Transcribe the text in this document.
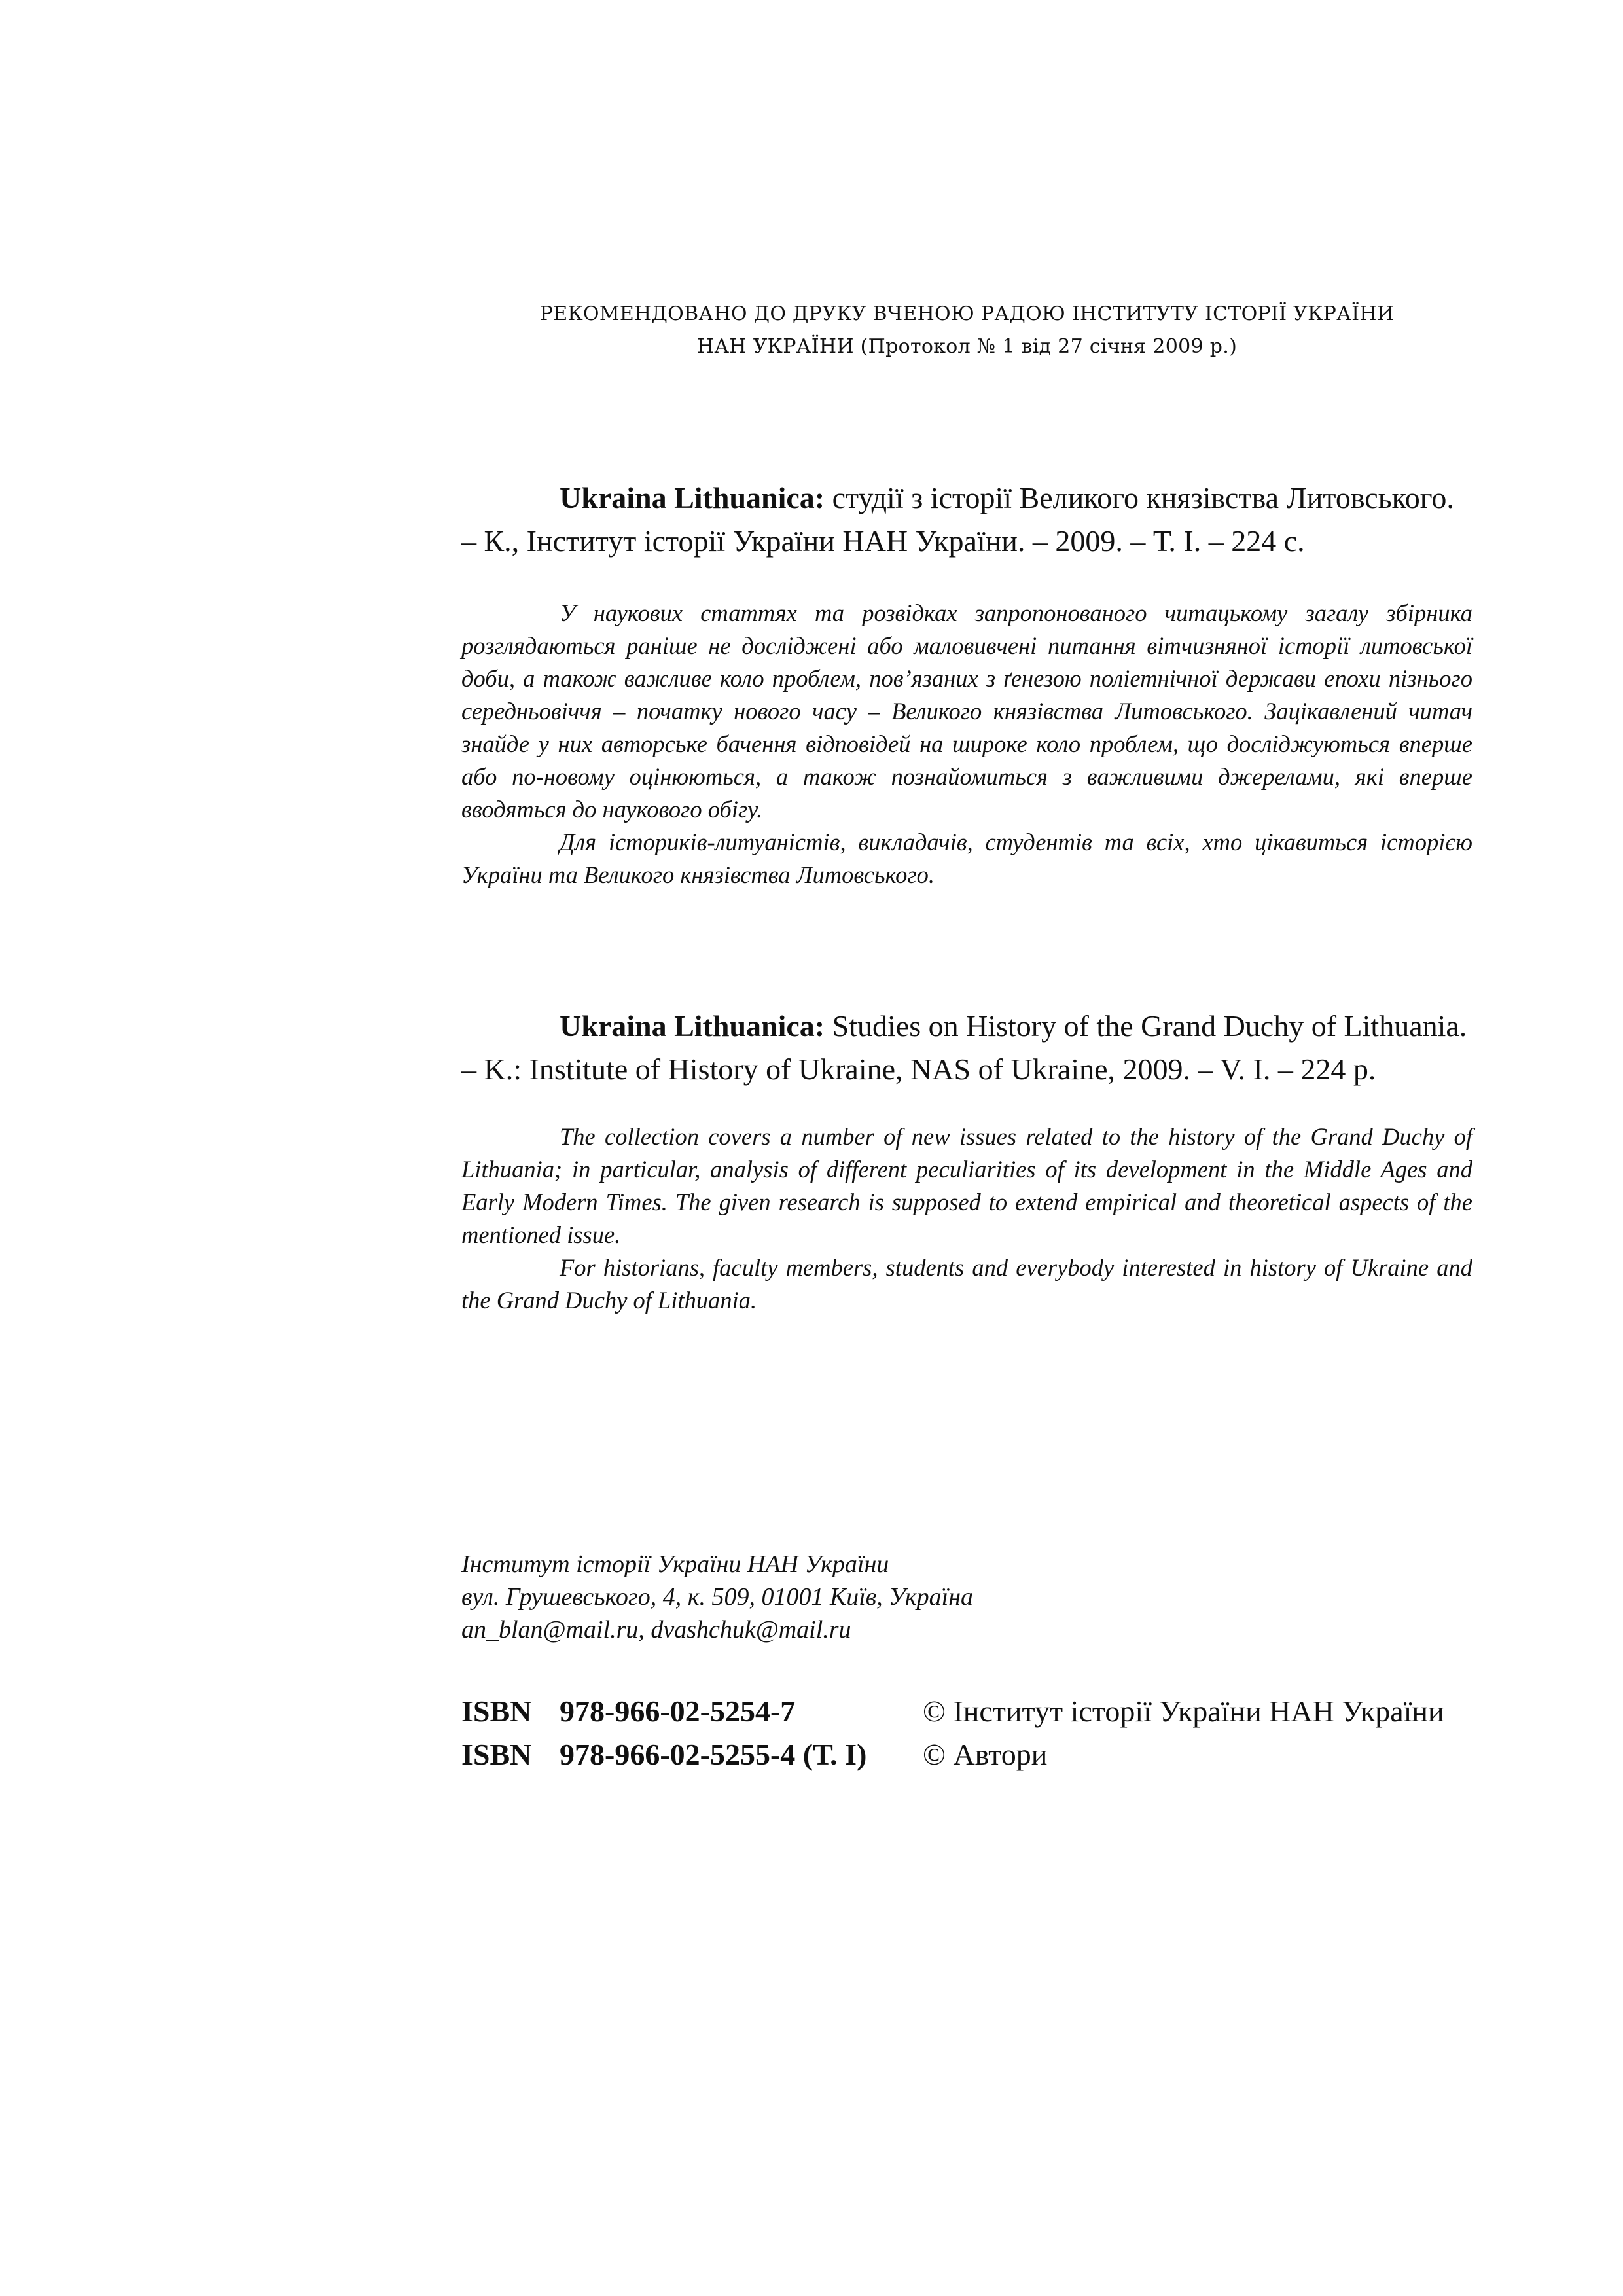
РЕКОМЕНДОВАНО ДО ДРУКУ ВЧЕНОЮ РАДОЮ ІНСТИТУТУ ІСТОРІЇ УКРАЇНИ
НАН УКРАЇНИ (Протокол № 1 від 27 січня 2009 р.)
Ukraina Lithuanica: студії з історії Великого князівства Литовського. – К., Інститут історії України НАН України. – 2009. – Т. І. – 224 с.

У наукових статтях та розвідках запропонованого читацькому загалу збірника розглядаються раніше не досліджені або маловивчені питання вітчизняної історії литовської доби, а також важливе коло проблем, пов’язаних з ґенезою поліетнічної держави епохи пізнього середньовіччя – початку нового часу – Великого князівства Литовського. Зацікавлений читач знайде у них авторське бачення відповідей на широке коло проблем, що досліджуються вперше або по-новому оцінюються, а також познайомиться з важливими джерелами, які вперше вводяться до наукового обігу.

Для істориків-литуаністів, викладачів, студентів та всіх, хто цікавиться історією України та Великого князівства Литовського.

Ukraina Lithuanica: Studies on History of the Grand Duchy of Lithuania. – K.: Institute of History of Ukraine, NAS of Ukraine, 2009. – V. I. – 224 p.

The collection covers a number of new issues related to the history of the Grand Duchy of Lithuania; in particular, analysis of different peculiarities of its development in the Middle Ages and Early Modern Times. The given research is supposed to extend empirical and theoretical aspects of the mentioned issue.

For historians, faculty members, students and everybody interested in history of Ukraine and the Grand Duchy of Lithuania.

Інститут історії України НАН України
вул. Грушевського, 4, к. 509, 01001 Київ, Україна
an_blan@mail.ru, dvashchuk@mail.ru
ISBN 978-966-02-5254-7
ISBN 978-966-02-5255-4 (Т. І)
© Інститут історії України НАН України
© Автори
